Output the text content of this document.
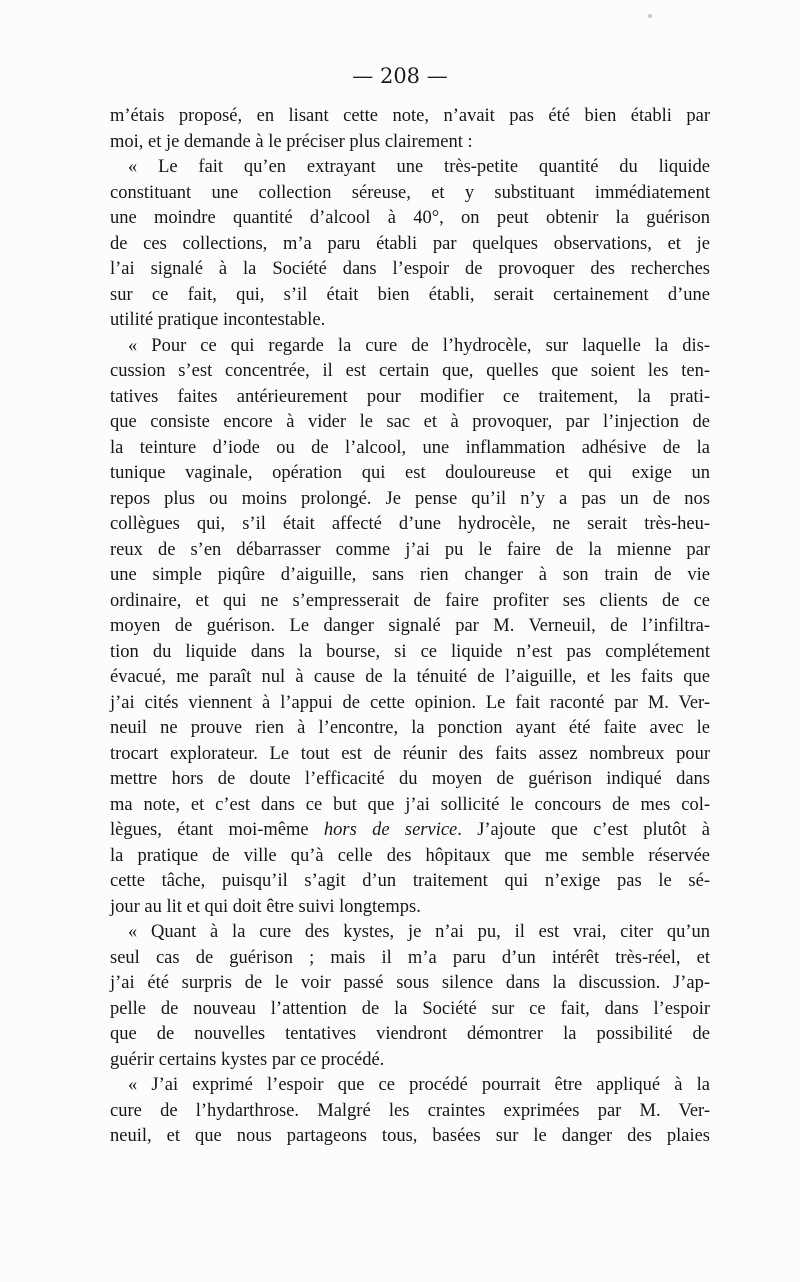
— 208 —
m’étais proposé, en lisant cette note, n’avait pas été bien établi par
moi, et je demande à le préciser plus clairement :
« Le fait qu’en extrayant une très-petite quantité du liquide
constituant une collection séreuse, et y substituant immédiatement
une moindre quantité d’alcool à 40°, on peut obtenir la guérison
de ces collections, m’a paru établi par quelques observations, et je
l’ai signalé à la Société dans l’espoir de provoquer des recherches
sur ce fait, qui, s’il était bien établi, serait certainement d’une
utilité pratique incontestable.
« Pour ce qui regarde la cure de l’hydrocèle, sur laquelle la dis-
cussion s’est concentrée, il est certain que, quelles que soient les ten-
tatives faites antérieurement pour modifier ce traitement, la prati-
que consiste encore à vider le sac et à provoquer, par l’injection de
la teinture d’iode ou de l’alcool, une inflammation adhésive de la
tunique vaginale, opération qui est douloureuse et qui exige un
repos plus ou moins prolongé. Je pense qu’il n’y a pas un de nos
collègues qui, s’il était affecté d’une hydrocèle, ne serait très-heu-
reux de s’en débarrasser comme j’ai pu le faire de la mienne par
une simple piqûre d’aiguille, sans rien changer à son train de vie
ordinaire, et qui ne s’empresserait de faire profiter ses clients de ce
moyen de guérison. Le danger signalé par M. Verneuil, de l’infiltra-
tion du liquide dans la bourse, si ce liquide n’est pas complétement
évacué, me paraît nul à cause de la ténuité de l’aiguille, et les faits que
j’ai cités viennent à l’appui de cette opinion. Le fait raconté par M. Ver-
neuil ne prouve rien à l’encontre, la ponction ayant été faite avec le
trocart explorateur. Le tout est de réunir des faits assez nombreux pour
mettre hors de doute l’efficacité du moyen de guérison indiqué dans
ma note, et c’est dans ce but que j’ai sollicité le concours de mes col-
lègues, étant moi-même hors de service. J’ajoute que c’est plutôt à
la pratique de ville qu’à celle des hôpitaux que me semble réservée
cette tâche, puisqu’il s’agit d’un traitement qui n’exige pas le sé-
jour au lit et qui doit être suivi longtemps.
« Quant à la cure des kystes, je n’ai pu, il est vrai, citer qu’un
seul cas de guérison ; mais il m’a paru d’un intérêt très-réel, et
j’ai été surpris de le voir passé sous silence dans la discussion. J’ap-
pelle de nouveau l’attention de la Société sur ce fait, dans l’espoir
que de nouvelles tentatives viendront démontrer la possibilité de
guérir certains kystes par ce procédé.
« J’ai exprimé l’espoir que ce procédé pourrait être appliqué à la
cure de l’hydarthrose. Malgré les craintes exprimées par M. Ver-
neuil, et que nous partageons tous, basées sur le danger des plaies
